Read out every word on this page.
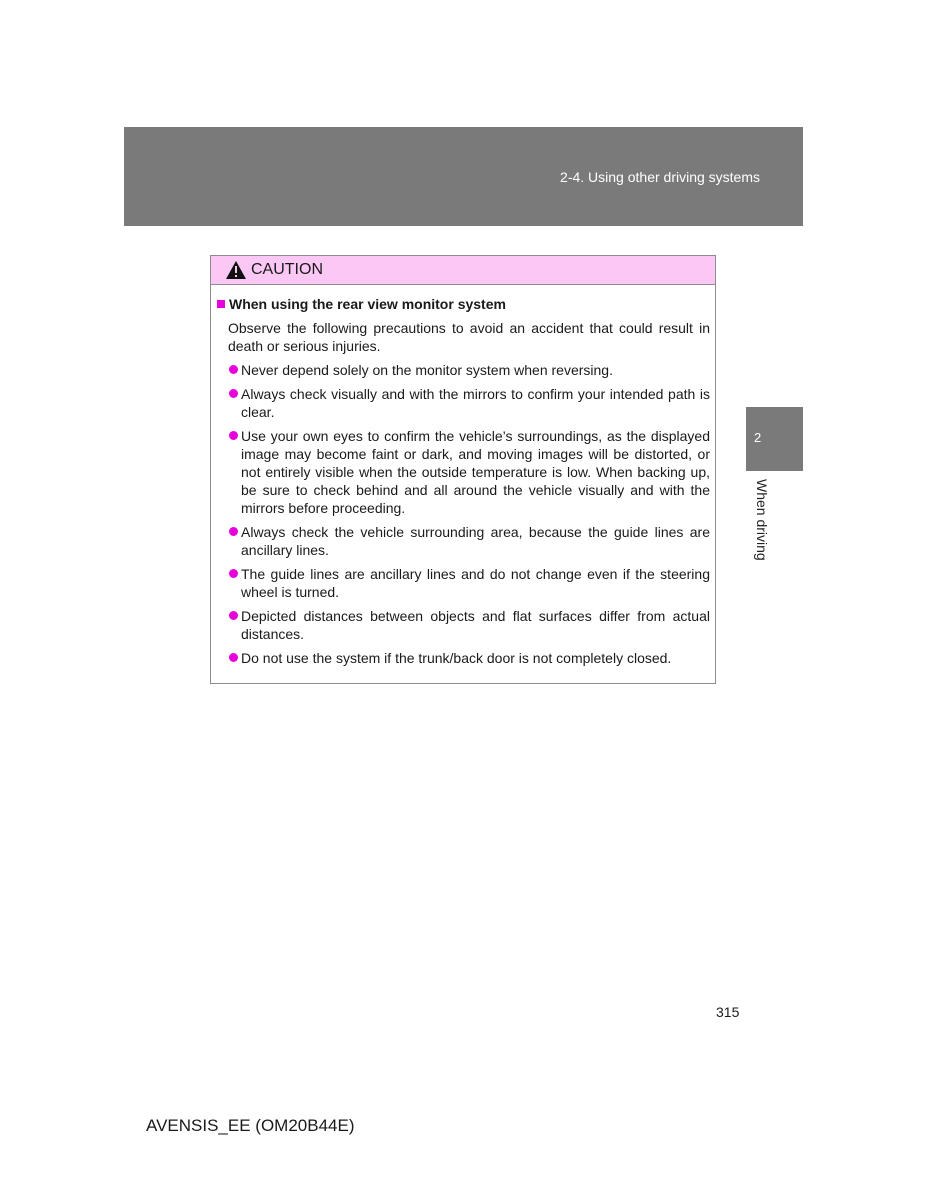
2-4. Using other driving systems
2
When driving
CAUTION
When using the rear view monitor system
Observe the following precautions to avoid an accident that could result in death or serious injuries.
Never depend solely on the monitor system when reversing.
Always check visually and with the mirrors to confirm your intended path is clear.
Use your own eyes to confirm the vehicle’s surroundings, as the displayed image may become faint or dark, and moving images will be distorted, or not entirely visible when the outside temperature is low. When backing up, be sure to check behind and all around the vehicle visually and with the mirrors before proceeding.
Always check the vehicle surrounding area, because the guide lines are ancillary lines.
The guide lines are ancillary lines and do not change even if the steering wheel is turned.
Depicted distances between objects and flat surfaces differ from actual distances.
Do not use the system if the trunk/back door is not completely closed.
315
AVENSIS_EE (OM20B44E)
